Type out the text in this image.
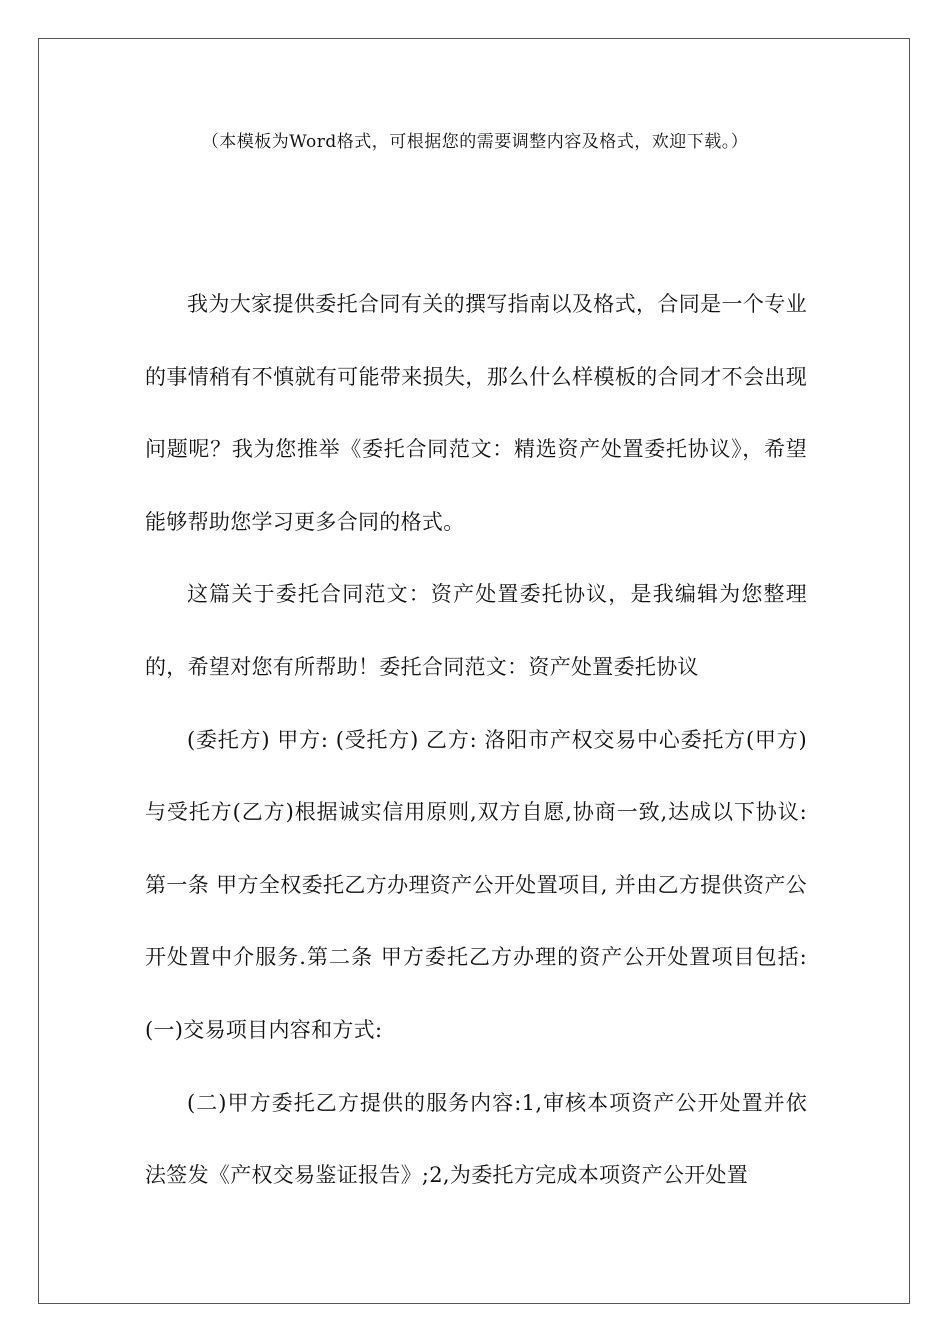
（本模板为Word格式，可根据您的需要调整内容及格式，欢迎下载。）

我为大家提供委托合同有关的撰写指南以及格式，合同是一个专业的事情稍有不慎就有可能带来损失，那么什么样模板的合同才不会出现问题呢？我为您推举《委托合同范文：精选资产处置委托协议》，希望能够帮助您学习更多合同的格式。

这篇关于委托合同范文：资产处置委托协议，是我编辑为您整理的，希望对您有所帮助！委托合同范文：资产处置委托协议

(委托方) 甲方: (受托方) 乙方: 洛阳市产权交易中心委托方(甲方)与受托方(乙方)根据诚实信用原则,双方自愿,协商一致,达成以下协议:第一条 甲方全权委托乙方办理资产公开处置项目, 并由乙方提供资产公开处置中介服务.第二条 甲方委托乙方办理的资产公开处置项目包括:(一)交易项目内容和方式:

(二)甲方委托乙方提供的服务内容:1,审核本项资产公开处置并依法签发《产权交易鉴证报告》;2,为委托方完成本项资产公开处置
